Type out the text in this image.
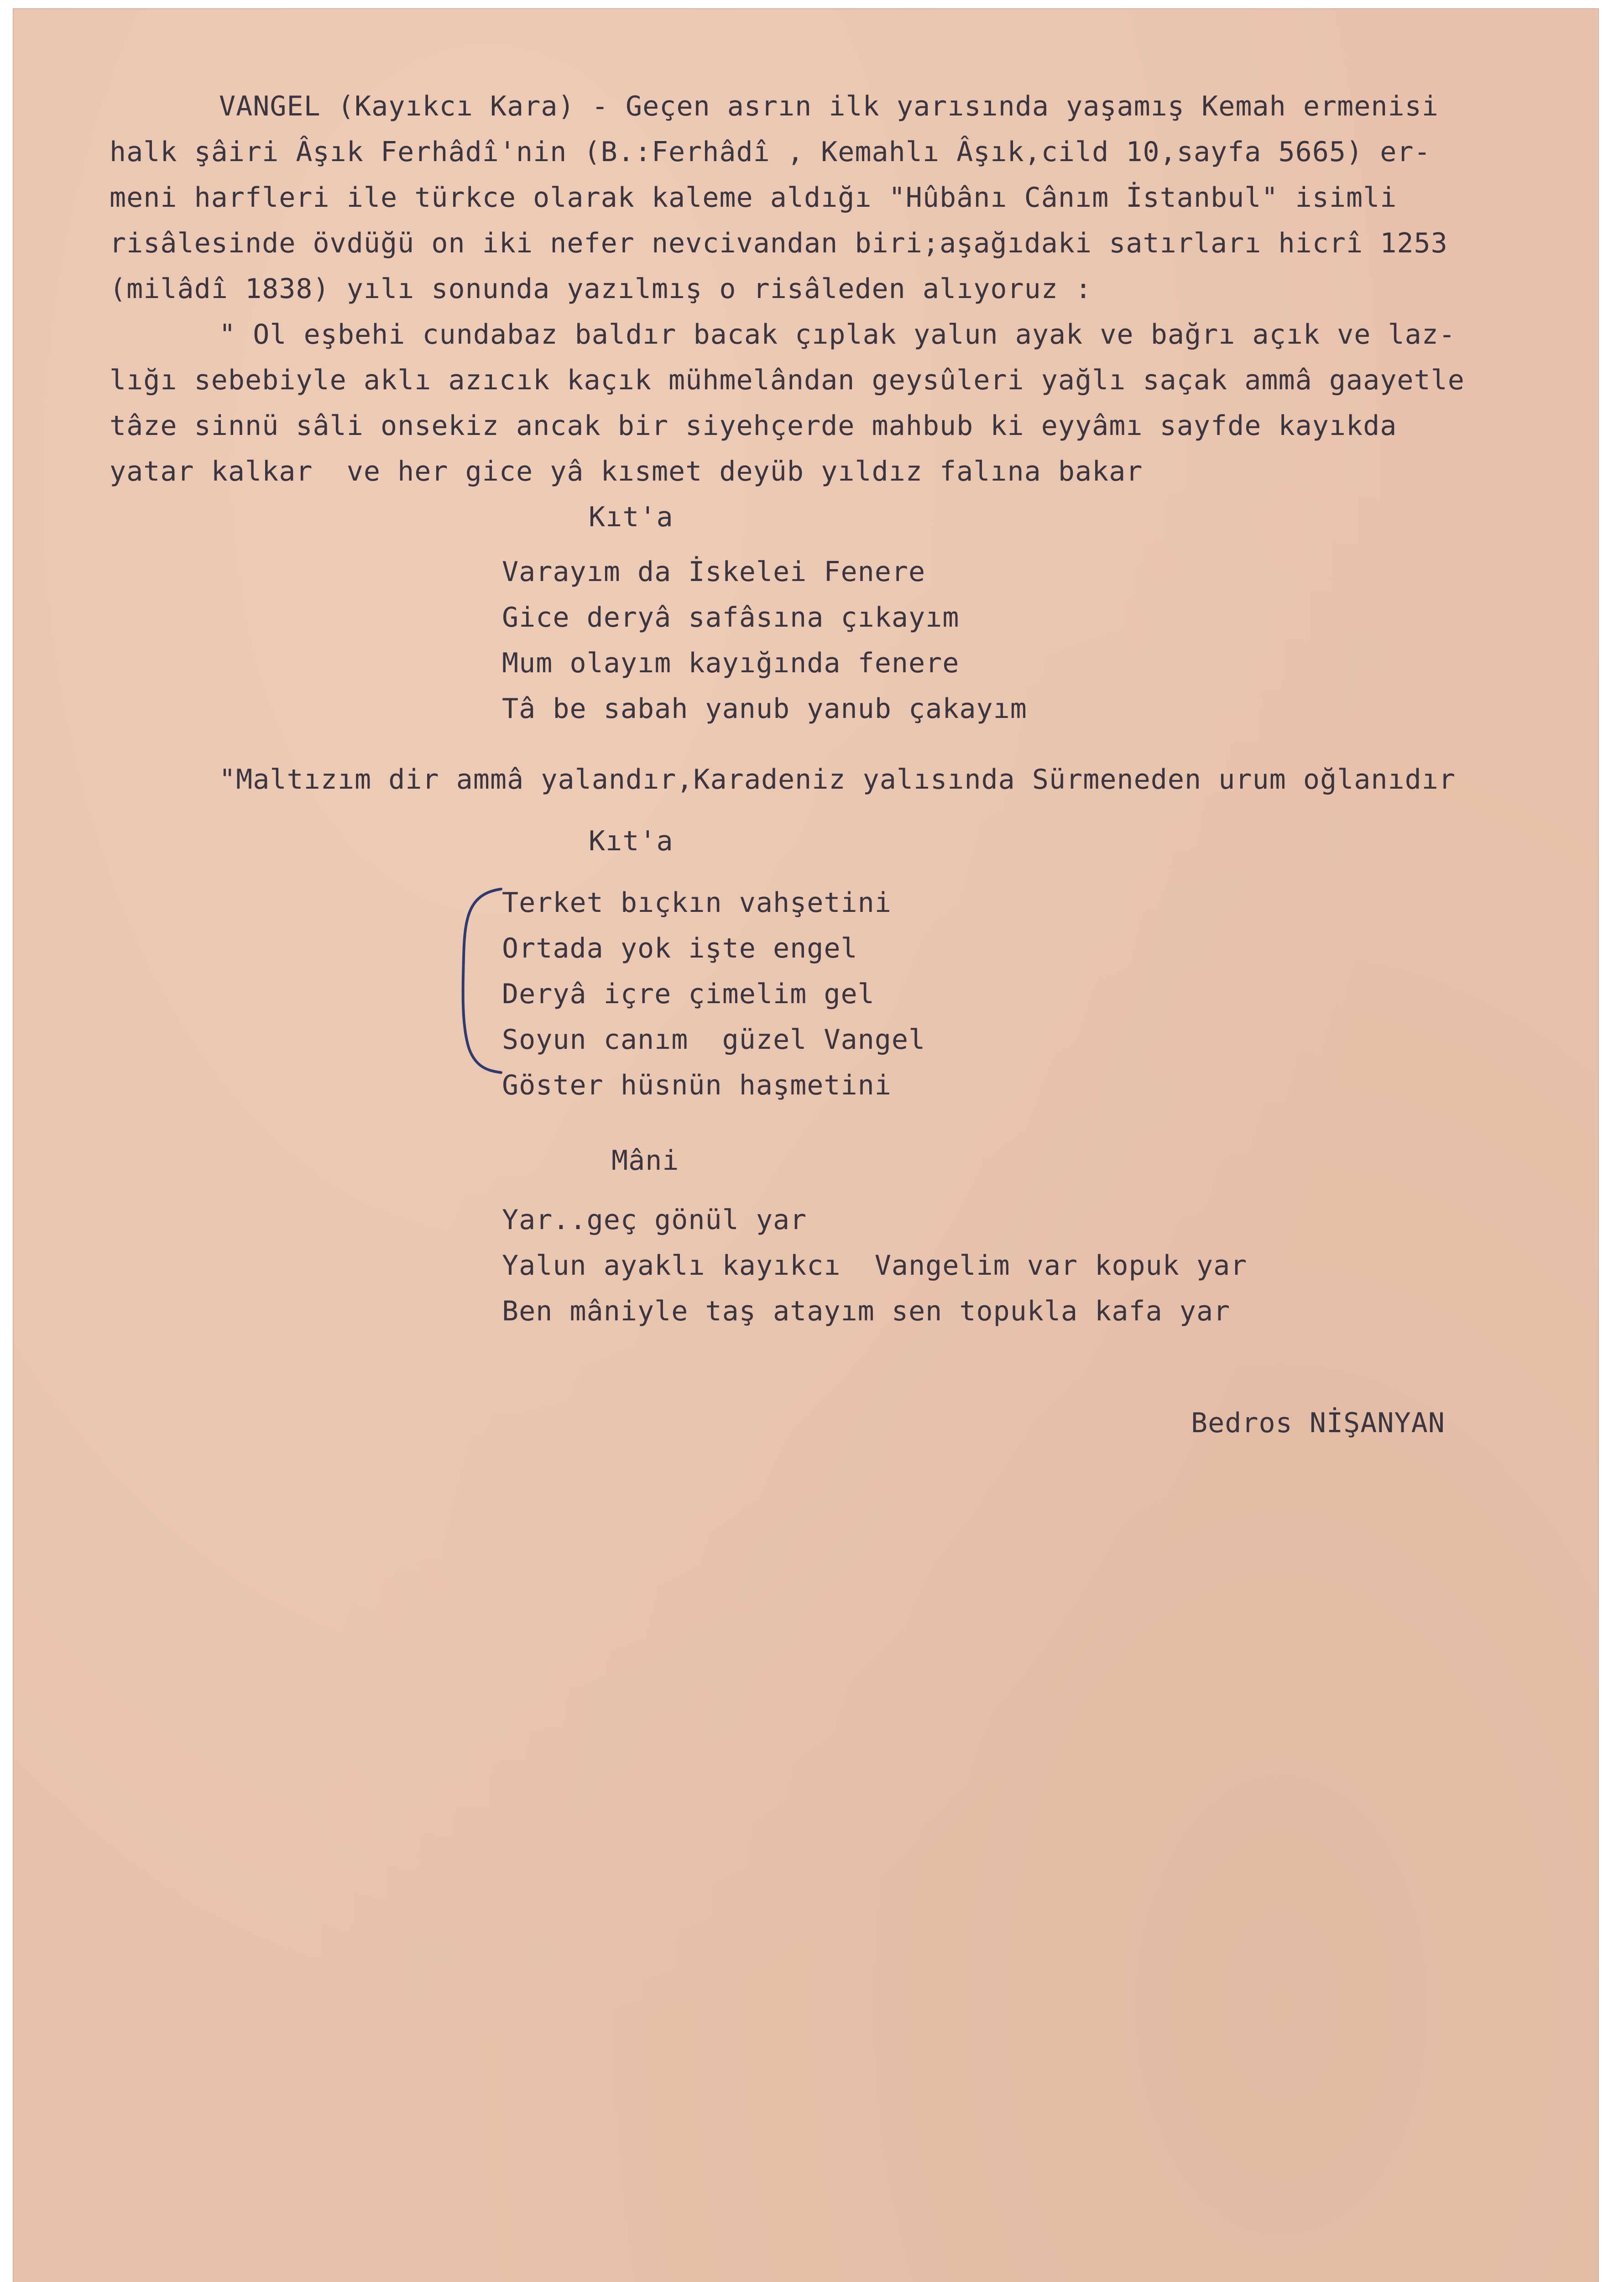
VANGEL (Kayıkcı Kara) - Geçen asrın ilk yarısında yaşamış Kemah ermenisi
halk şâiri Âşık Ferhâdî'nin (B.:Ferhâdî , Kemahlı Âşık,cild 10,sayfa 5665) er-
meni harfleri ile türkce olarak kaleme aldığı "Hûbânı Cânım İstanbul" isimli
risâlesinde övdüğü on iki nefer nevcivandan biri;aşağıdaki satırları hicrî 1253
(milâdî 1838) yılı sonunda yazılmış o risâleden alıyoruz :
" Ol eşbehi cundabaz baldır bacak çıplak yalun ayak ve bağrı açık ve laz-
lığı sebebiyle aklı azıcık kaçık mühmelândan geysûleri yağlı saçak ammâ gaayetle
tâze sinnü sâli onsekiz ancak bir siyehçerde mahbub ki eyyâmı sayfde kayıkda
yatar kalkar  ve her gice yâ kısmet deyüb yıldız falına bakar
Kıt'a
Varayım da İskelei Fenere
Gice deryâ safâsına çıkayım
Mum olayım kayığında fenere
Tâ be sabah yanub yanub çakayım
"Maltızım dir ammâ yalandır,Karadeniz yalısında Sürmeneden urum oğlanıdır
Kıt'a
Terket bıçkın vahşetini
Ortada yok işte engel
Deryâ içre çimelim gel
Soyun canım  güzel Vangel
Göster hüsnün haşmetini
Mâni
Yar..geç gönül yar
Yalun ayaklı kayıkcı  Vangelim var kopuk yar
Ben mâniyle taş atayım sen topukla kafa yar
Bedros NİŞANYAN
